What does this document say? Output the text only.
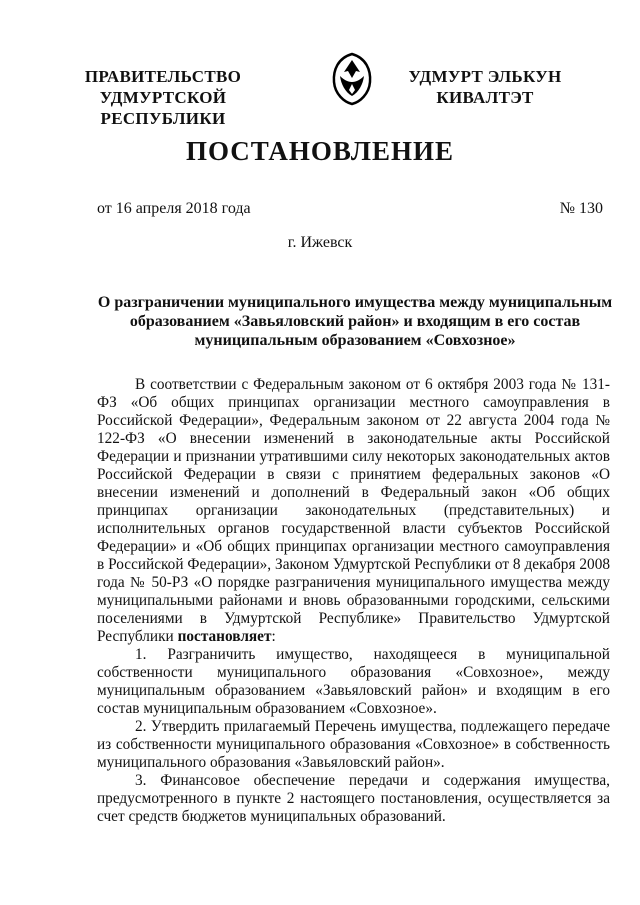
ПРАВИТЕЛЬСТВО
УДМУРТСКОЙ РЕСПУБЛИКИ
УДМУРТ ЭЛЬКУН
КИВАЛТЭТ
ПОСТАНОВЛЕНИЕ
от 16 апреля 2018 года	№ 130
г. Ижевск
О разграничении муниципального имущества между муниципальным
образованием «Завьяловский район» и входящим в его состав
муниципальным образованием «Совхозное»

В соответствии с Федеральным законом от 6 октября 2003 года № 131-ФЗ «Об общих принципах организации местного самоуправления в Российской Федерации», Федеральным законом от 22 августа 2004 года № 122-ФЗ «О внесении изменений в законодательные акты Российской Федерации и признании утратившими силу некоторых законодательных актов Российской Федерации в связи с принятием федеральных законов «О внесении изменений и дополнений в Федеральный закон «Об общих принципах организации законодательных (представительных) и исполнительных органов государственной власти субъектов Российской Федерации» и «Об общих принципах организации местного самоуправления в Российской Федерации», Законом Удмуртской Республики от 8 декабря 2008 года № 50-РЗ «О порядке разграничения муниципального имущества между муниципальными районами и вновь образованными городскими, сельскими поселениями в Удмуртской Республике» Правительство Удмуртской Республики постановляет:

1. Разграничить имущество, находящееся в муниципальной собственности муниципального образования «Совхозное», между муниципальным образованием «Завьяловский район» и входящим в его состав муниципальным образованием «Совхозное».

2. Утвердить прилагаемый Перечень имущества, подлежащего передаче из собственности муниципального образования «Совхозное» в собственность муниципального образования «Завьяловский район».

3. Финансовое обеспечение передачи и содержания имущества, предусмотренного в пункте 2 настоящего постановления, осуществляется за счет средств бюджетов муниципальных образований.
